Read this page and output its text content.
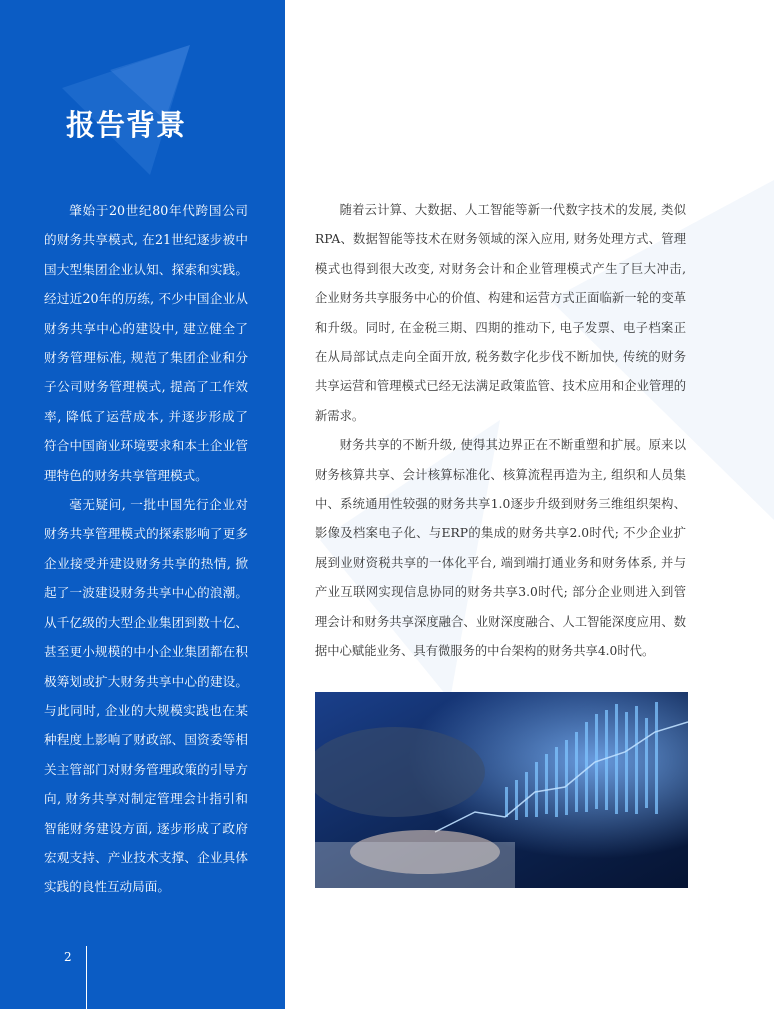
报告背景

肇始于20世纪80年代跨国公司的财务共享模式, 在21世纪逐步被中国大型集团企业认知、探索和实践。经过近20年的历练, 不少中国企业从财务共享中心的建设中, 建立健全了财务管理标准, 规范了集团企业和分子公司财务管理模式, 提高了工作效率, 降低了运营成本, 并逐步形成了符合中国商业环境要求和本土企业管理特色的财务共享管理模式。

毫无疑问, 一批中国先行企业对财务共享管理模式的探索影响了更多企业接受并建设财务共享的热情, 掀起了一波建设财务共享中心的浪潮。从千亿级的大型企业集团到数十亿、甚至更小规模的中小企业集团都在积极筹划或扩大财务共享中心的建设。与此同时, 企业的大规模实践也在某种程度上影响了财政部、国资委等相关主管部门对财务管理政策的引导方向, 财务共享对制定管理会计指引和智能财务建设方面, 逐步形成了政府宏观支持、产业技术支撑、企业具体实践的良性互动局面。

2

随着云计算、大数据、人工智能等新一代数字技术的发展, 类似RPA、数据智能等技术在财务领域的深入应用, 财务处理方式、管理模式也得到很大改变, 对财务会计和企业管理模式产生了巨大冲击, 企业财务共享服务中心的价值、构建和运营方式正面临新一轮的变革和升级。同时, 在金税三期、四期的推动下, 电子发票、电子档案正在从局部试点走向全面开放, 税务数字化步伐不断加快, 传统的财务共享运营和管理模式已经无法满足政策监管、技术应用和企业管理的新需求。

财务共享的不断升级, 使得其边界正在不断重塑和扩展。原来以财务核算共享、会计核算标准化、核算流程再造为主, 组织和人员集中、系统通用性较强的财务共享1.0逐步升级到财务三维组织架构、影像及档案电子化、与ERP的集成的财务共享2.0时代; 不少企业扩展到业财资税共享的一体化平台, 端到端打通业务和财务体系, 并与产业互联网实现信息协同的财务共享3.0时代; 部分企业则进入到管理会计和财务共享深度融合、业财深度融合、人工智能深度应用、数据中心赋能业务、具有微服务的中台架构的财务共享4.0时代。
